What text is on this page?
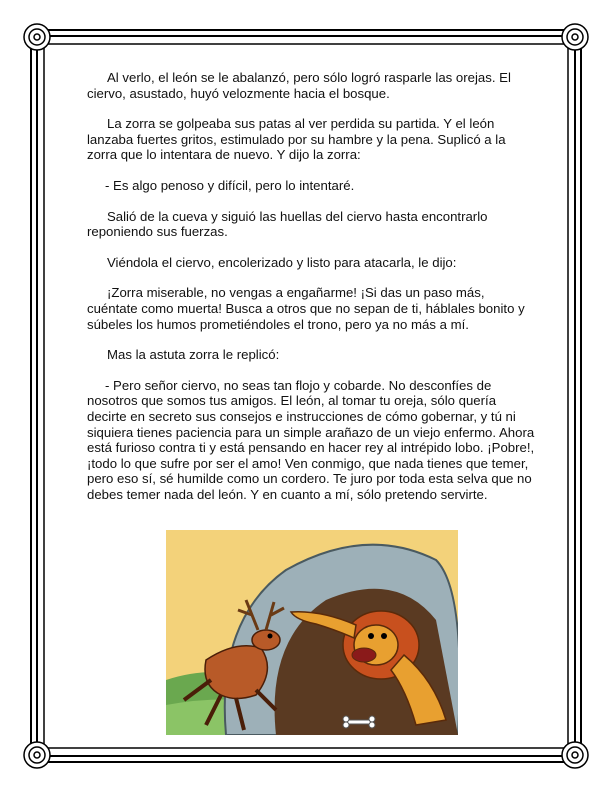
Al verlo, el león se le abalanzó, pero sólo logró rasparle las orejas. El ciervo, asustado, huyó velozmente hacia el bosque.

La zorra se golpeaba sus patas al ver perdida su partida. Y el león lanzaba fuertes gritos, estimulado por su hambre y la pena. Suplicó a la zorra que lo intentara de nuevo. Y dijo la zorra:

- Es algo penoso y difícil, pero lo intentaré.

Salió de la cueva y siguió las huellas del ciervo hasta encontrarlo reponiendo sus fuerzas.

Viéndola el ciervo, encolerizado y listo para atacarla, le dijo:

¡Zorra miserable, no vengas a engañarme! ¡Si das un paso más, cuéntate como muerta! Busca a otros que no sepan de ti, háblales bonito y súbeles los humos prometiéndoles el trono, pero ya no más a mí.

Mas la astuta zorra le replicó:

- Pero señor ciervo, no seas tan flojo y cobarde. No desconfíes de nosotros que somos tus amigos. El león, al tomar tu oreja, sólo quería decirte en secreto sus consejos e instrucciones de cómo gobernar, y tú ni siquiera tienes paciencia para un simple arañazo de un viejo enfermo. Ahora está furioso contra ti y está pensando en hacer rey al intrépido lobo. ¡Pobre!, ¡todo lo que sufre por ser el amo! Ven conmigo, que nada tienes que temer, pero eso sí, sé humilde como un cordero. Te juro por toda esta selva que no debes temer nada del león. Y en cuanto a mí, sólo pretendo servirte.
